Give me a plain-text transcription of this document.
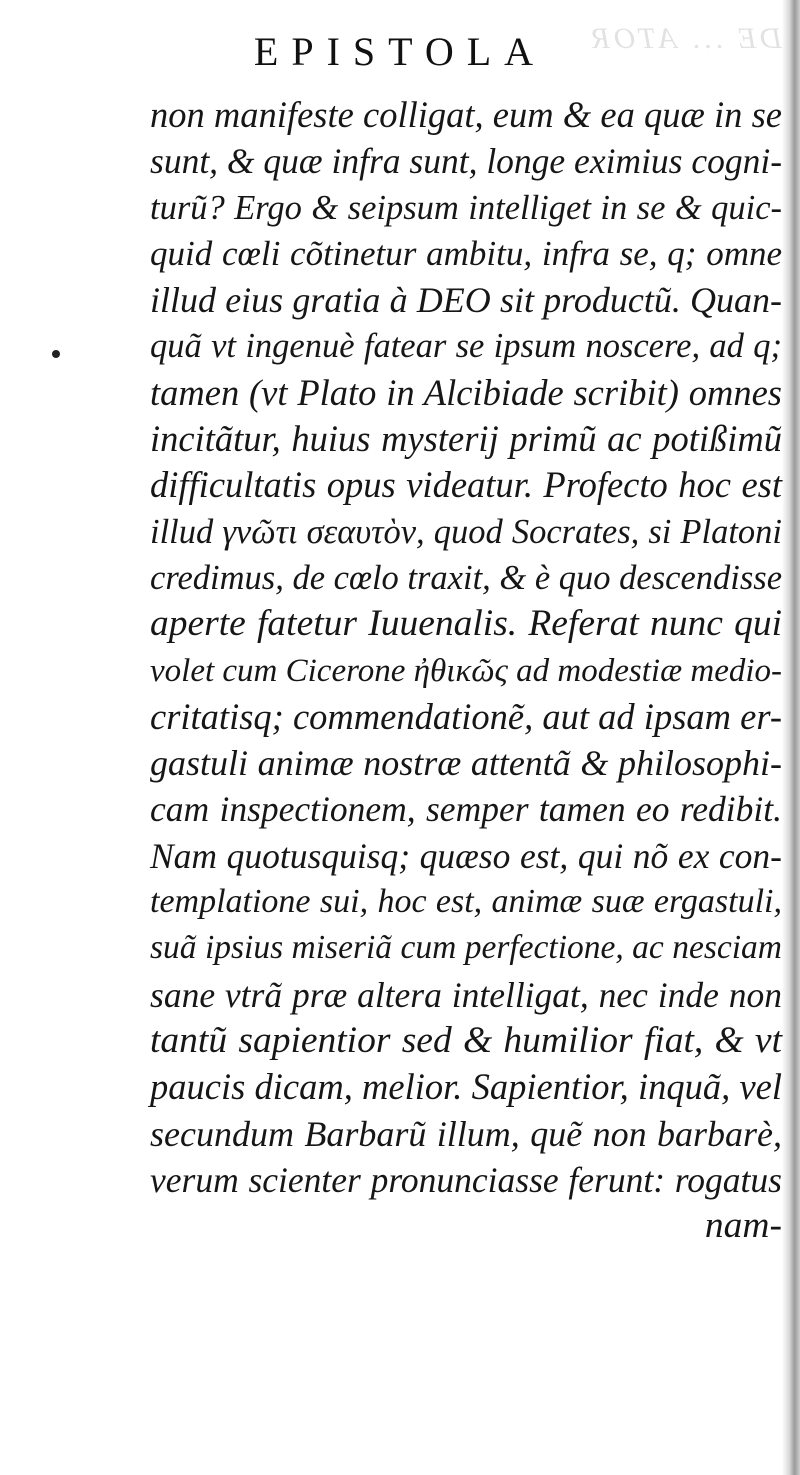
DE ... ATOR
EPISTOLA
non manifeste colligat, eum & ea quæ in se
sunt, & quæ infra sunt, longe eximius cogni-
turũ? Ergo & seipsum intelliget in se & quic-
quid cœli cõtinetur ambitu, infra se, q; omne
illud eius gratia à DEO sit productũ. Quan-
quã vt ingenuè fatear se ipsum noscere, ad q;
tamen (vt Plato in Alcibiade scribit) omnes
incitãtur, huius mysterij primũ ac potißimũ
difficultatis opus videatur. Profecto hoc est
illud γνῶτι σεαυτὸν, quod Socrates, si Platoni
credimus, de cœlo traxit, & è quo descendisse
aperte fatetur Iuuenalis. Referat nunc qui
volet cum Cicerone ἠθικῶς ad modestiæ medio-
critatisq; commendationẽ, aut ad ipsam er-
gastuli animæ nostræ attentã & philosophi-
cam inspectionem, semper tamen eo redibit.
Nam quotusquisq; quæso est, qui nõ ex con-
templatione sui, hoc est, animæ suæ ergastuli,
suã ipsius miseriã cum perfectione, ac nesciam
sane vtrã præ altera intelligat, nec inde non
tantũ sapientior sed & humilior fiat, & vt
paucis dicam, melior. Sapientior, inquã, vel
secundum Barbarũ illum, quẽ non barbarè,
verum scienter pronunciasse ferunt: rogatus
nam-
